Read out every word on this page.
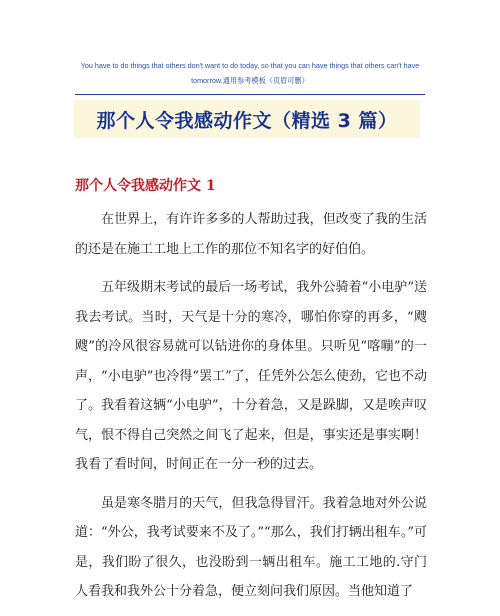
You have to do things that others don't want to do today, so that you can have things that others can't have tomorrow.通用参考模板（页眉可删）
那个人令我感动作文（精选 3 篇）
那个人令我感动作文 1

在世界上，有许许多多的人帮助过我，但改变了我的生活的还是在施工工地上工作的那位不知名字的好伯伯。

五年级期末考试的最后一场考试，我外公骑着“小电驴”送我去考试。当时，天气是十分的寒冷，哪怕你穿的再多，“飕飕”的冷风很容易就可以钻进你的身体里。只听见“喀嘣”的一声，“小电驴”也冷得“罢工”了，任凭外公怎么使劲，它也不动了。我看着这辆“小电驴”，十分着急，又是跺脚，又是唉声叹气，恨不得自己突然之间飞了起来，但是，事实还是事实啊！我看了看时间，时间正在一分一秒的过去。

虽是寒冬腊月的天气，但我急得冒汗。我着急地对外公说道：“外公，我考试要来不及了。”“那么，我们打辆出租车。”可是，我们盼了很久，也没盼到一辆出租车。施工工地的.守门人看我和我外公十分着急，便立刻问我们原因。当他知道了
